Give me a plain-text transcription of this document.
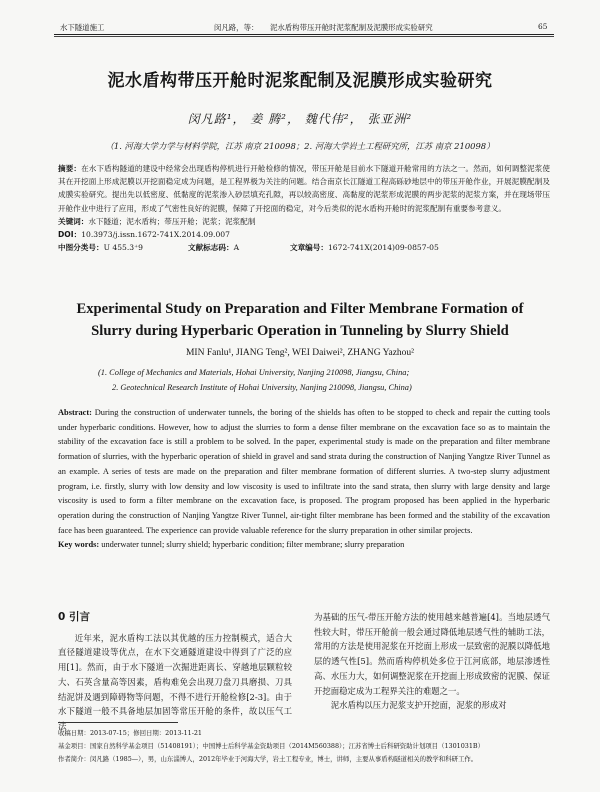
水下隧道施工	闵凡路，等： 泥水盾构带压开舱时泥浆配制及泥膜形成实验研究	65
泥水盾构带压开舱时泥浆配制及泥膜形成实验研究
闵凡路¹， 姜 腾²， 魏代伟²， 张亚洲²
（1. 河海大学力学与材料学院，江苏 南京 210098；2. 河海大学岩土工程研究所，江苏 南京 210098）
摘要：在水下盾构隧道的建设中经常会出现盾构停机进行开舱检修的情况，带压开舱是目前水下隧道开舱常用的方法之一。然而，如何调整泥浆使其在开挖面上形成泥膜以开挖面稳定成为问题，是工程界极为关注的问题。结合南京长江隧道工程高砾砂地层中的带压开舱作业，开展泥膜配制及成膜实验研究。提出先以低密度、低黏度的泥浆渗入砂层填充孔隙，再以较高密度、高黏度的泥浆形成泥膜的两步泥浆的泥浆方案，并在现场带压开舱作业中进行了应用，形成了气密性良好的泥膜，保障了开挖面的稳定，对今后类似的泥水盾构开舱时的泥浆配制有重要参考意义。
关键词：水下隧道；泥水盾构；带压开舱；泥浆；泥浆配制
DOI：10.3973/j.issn.1672-741X.2014.09.007
中图分类号：U 455.3⁺9	文献标志码：A	文章编号：1672-741X(2014)09-0857-05
Experimental Study on Preparation and Filter Membrane Formation of
Slurry during Hyperbaric Operation in Tunneling by Slurry Shield
MIN Fanlu¹, JIANG Teng², WEI Daiwei², ZHANG Yazhou²
(1. College of Mechanics and Materials, Hohai University, Nanjing 210098, Jiangsu, China;
2. Geotechnical Research Institute of Hohai University, Nanjing 210098, Jiangsu, China)
Abstract: During the construction of underwater tunnels, the boring of the shields has often to be stopped to check and repair the cutting tools under hyperbaric conditions. However, how to adjust the slurries to form a dense filter membrane on the excavation face so as to maintain the stability of the excavation face is still a problem to be solved. In the paper, experimental study is made on the preparation and filter membrane formation of slurries, with the hyperbaric operation of shield in gravel and sand strata during the construction of Nanjing Yangtze River Tunnel as an example. A series of tests are made on the preparation and filter membrane formation of different slurries. A two-step slurry adjustment program, i.e. firstly, slurry with low density and low viscosity is used to infiltrate into the sand strata, then slurry with large density and large viscosity is used to form a filter membrane on the excavation face, is proposed. The program proposed has been applied in the hyperbaric operation during the construction of Nanjing Yangtze River Tunnel, air-tight filter membrane has been formed and the stability of the excavation face has been guaranteed. The experience can provide valuable reference for the slurry preparation in other similar projects.
Key words: underwater tunnel; slurry shield; hyperbaric condition; filter membrane; slurry preparation
0 引言
近年来，泥水盾构工法以其优越的压力控制模式，适合大直径隧道建设等优点，在水下交通隧道建设中得到了广泛的应用[1]。然而，由于水下隧道一次掘进距离长、穿越地层颗粒较大、石英含量高等因素，盾构难免会出现刀盘刀具磨损、刀具结泥饼及遇到障碍物等问题，不得不进行开舱检修[2-3]。由于水下隧道一般不具备地层加固等常压开舱的条件，故以压气工法
为基础的压气-带压开舱方法的使用越来越普遍[4]。当地层透气性较大时，带压开舱前一般会通过降低地层透气性的辅助工法，常用的方法是使用泥浆在开挖面上形成一层致密的泥膜以降低地层的透气性[5]。然而盾构停机处多位于江河底部，地层渗透性高、水压力大，如何调整泥浆在开挖面上形成致密的泥膜、保证开挖面稳定成为工程界关注的难题之一。
泥水盾构以压力泥浆支护开挖面，泥浆的形成对
收稿日期：2013-07-15；修回日期：2013-11-21
基金项目：国家自然科学基金项目（51408191）；中国博士后科学基金资助项目（2014M560388）；江苏省博士后科研资助计划项目（1301031B）
作者简介：闵凡路（1985—），男，山东淄博人，2012年毕业于河海大学，岩土工程专业，博士，讲师，主要从事盾构隧道相关的教学和科研工作。
